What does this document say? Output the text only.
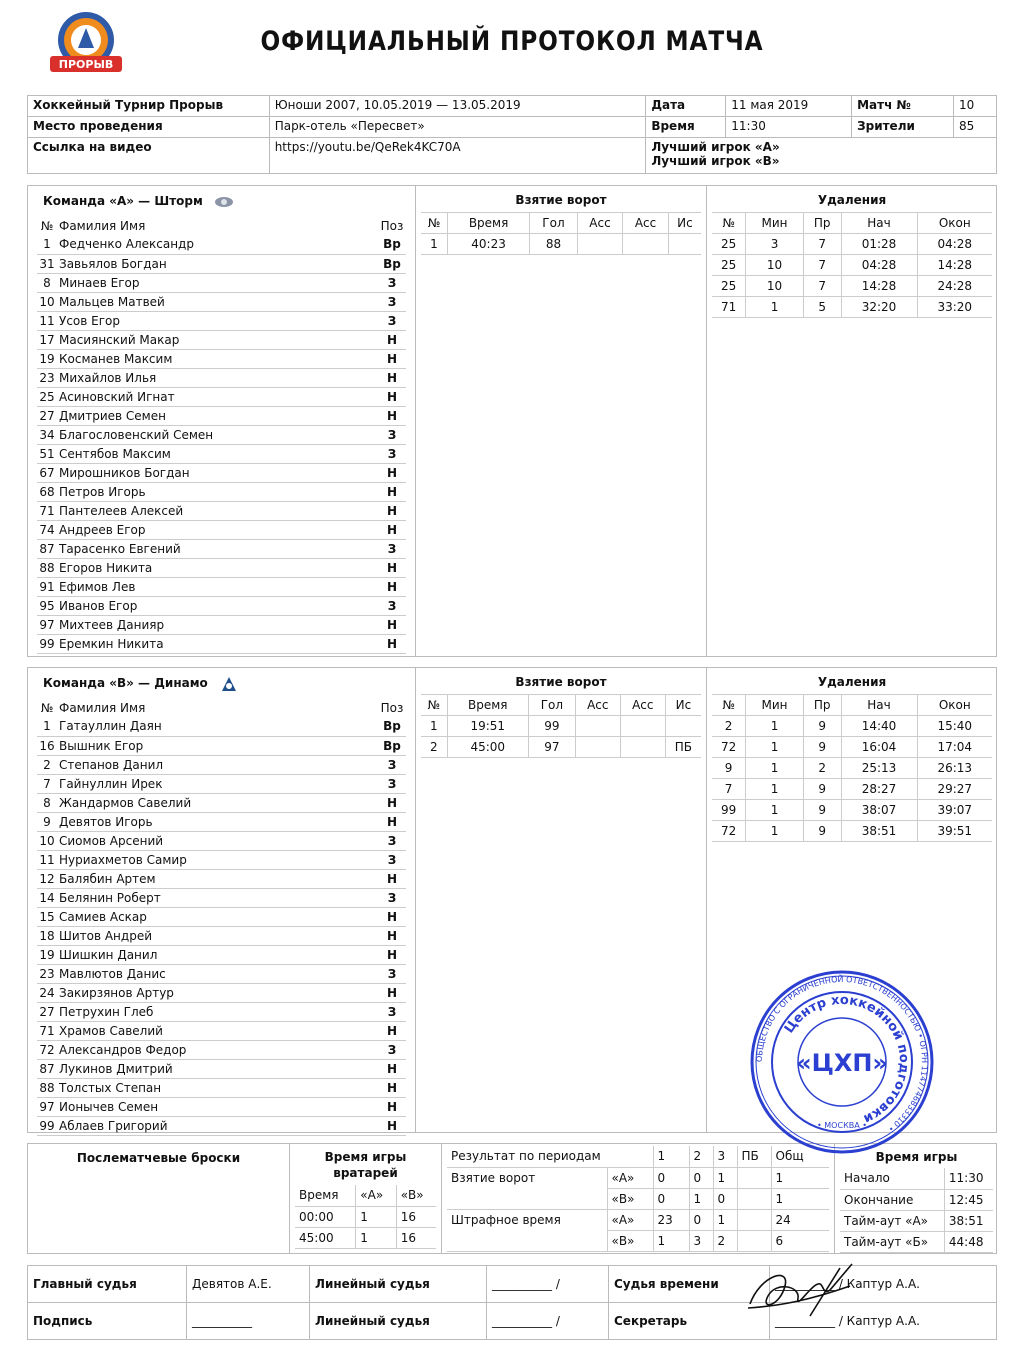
ПРОРЫВ
ОФИЦИАЛЬНЫЙ ПРОТОКОЛ МАТЧА
Хоккейный Турнир Прорыв	Юноши 2007, 10.05.2019 — 13.05.2019	Дата	11 мая 2019	Матч №	10
Место проведения	Парк-отель «Пересвет»	Время	11:30	Зрители	85
Ссылка на видео	https://youtu.be/QeRek4KC70A	Лучший игрок «А»
Лучший игрок «В»			
Команда «А» — Шторм
№	Фамилия Имя	Поз
1	Федченко Александр	Вр
31	Завьялов Богдан	Вр
8	Минаев Егор	З
10	Мальцев Матвей	З
11	Усов Егор	З
17	Масиянский Макар	Н
19	Косманев Максим	Н
23	Михайлов Илья	Н
25	Асиновский Игнат	Н
27	Дмитриев Семен	Н
34	Благословенский Семен	З
51	Сентябов Максим	З
67	Мирошников Богдан	Н
68	Петров Игорь	Н
71	Пантелеев Алексей	Н
74	Андреев Егор	Н
87	Тарасенко Евгений	З
88	Егоров Никита	Н
91	Ефимов Лев	Н
95	Иванов Егор	З
97	Михтеев Данияр	Н
99	Еремкин Никита	Н
Взятие ворот
№	Время	Гол	Асс	Асс	Ис
1	40:23	88			
Удаления
№	Мин	Пр	Нач	Окон
25	3	7	01:28	04:28
25	10	7	04:28	14:28
25	10	7	14:28	24:28
71	1	5	32:20	33:20
Команда «В» — Динамо
№	Фамилия Имя	Поз
1	Гатауллин Даян	Вр
16	Вышник Егор	Вр
2	Степанов Данил	З
7	Гайнуллин Ирек	З
8	Жандармов Савелий	Н
9	Девятов Игорь	Н
10	Сиомов Арсений	З
11	Нуриахметов Самир	З
12	Балябин Артем	Н
14	Белянин Роберт	З
15	Самиев Аскар	Н
18	Шитов Андрей	Н
19	Шишкин Данил	Н
23	Мавлютов Данис	З
24	Закирзянов Артур	Н
27	Петрухин Глеб	З
71	Храмов Савелий	Н
72	Александров Федор	З
87	Лукинов Дмитрий	Н
88	Толстых Степан	Н
97	Ионычев Семен	Н
99	Аблаев Григорий	Н
Взятие ворот
№	Время	Гол	Асс	Асс	Ис
1	19:51	99			
2	45:00	97			ПБ
Удаления
№	Мин	Пр	Нач	Окон
2	1	9	14:40	15:40
72	1	9	16:04	17:04
9	1	2	25:13	26:13
7	1	9	28:27	29:27
99	1	9	38:07	39:07
72	1	9	38:51	39:51
Послематчевые броски	Время игры вратарей
Время	«А»	«В»
00:00	1	16
45:00	1	16
Результат по периодам		1	2	3	ПБ	Общ
Взятие ворот	«А»	0	0	1		1
	«В»	0	1	0		1
Штрафное время	«А»	23	0	1		24
	«В»	1	3	2		6
Время игры
Начало	11:30
Окончание	12:45
Тайм-аут «А»	38:51
Тайм-аут «Б»	44:48
ОБЩЕСТВО С ОГРАНИЧЕННОЙ ОТВЕТСТВЕННОСТЬЮ • ОГРН 1147746833310 •
Центр хоккейной подготовки
«ЦХП»
• МОСКВА •
Главный судья	Девятов А.Е.	Линейный судья	__________ /	Судья времени	__________ / Каптур А.А.
Подпись	__________	Линейный судья	__________ /	Секретарь	__________ / Каптур А.А.
